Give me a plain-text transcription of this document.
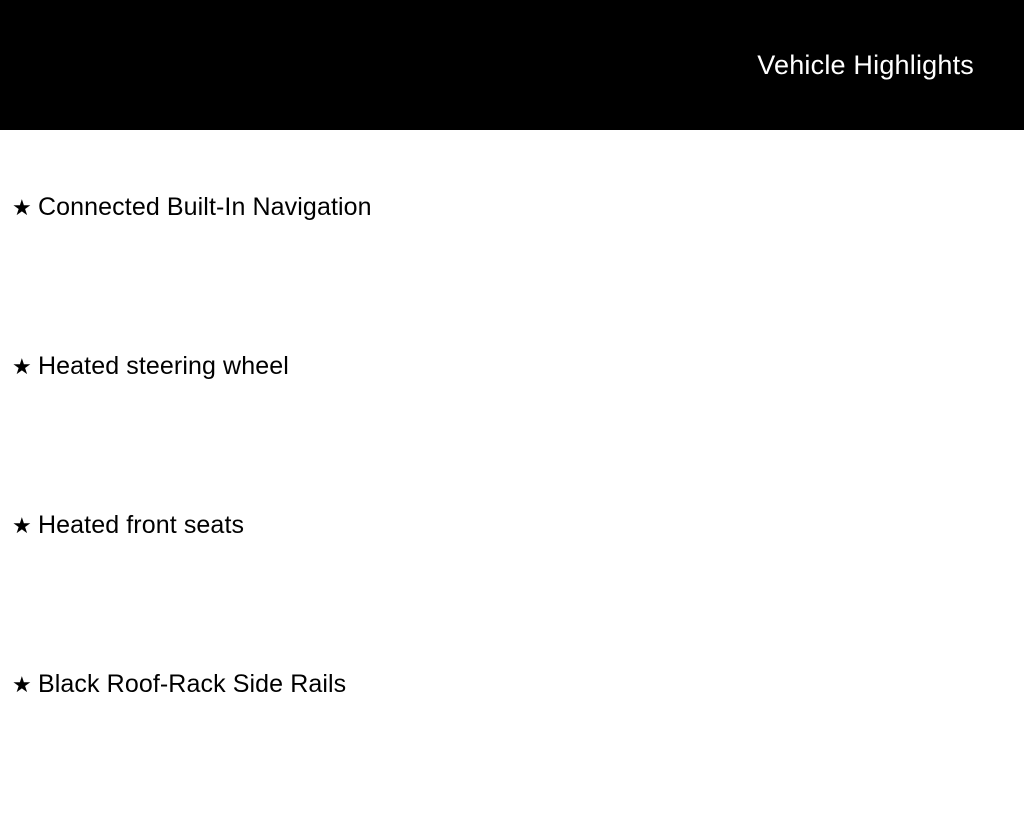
Vehicle Highlights
★ Connected Built-In Navigation
★ Heated steering wheel
★ Heated front seats
★ Black Roof-Rack Side Rails
